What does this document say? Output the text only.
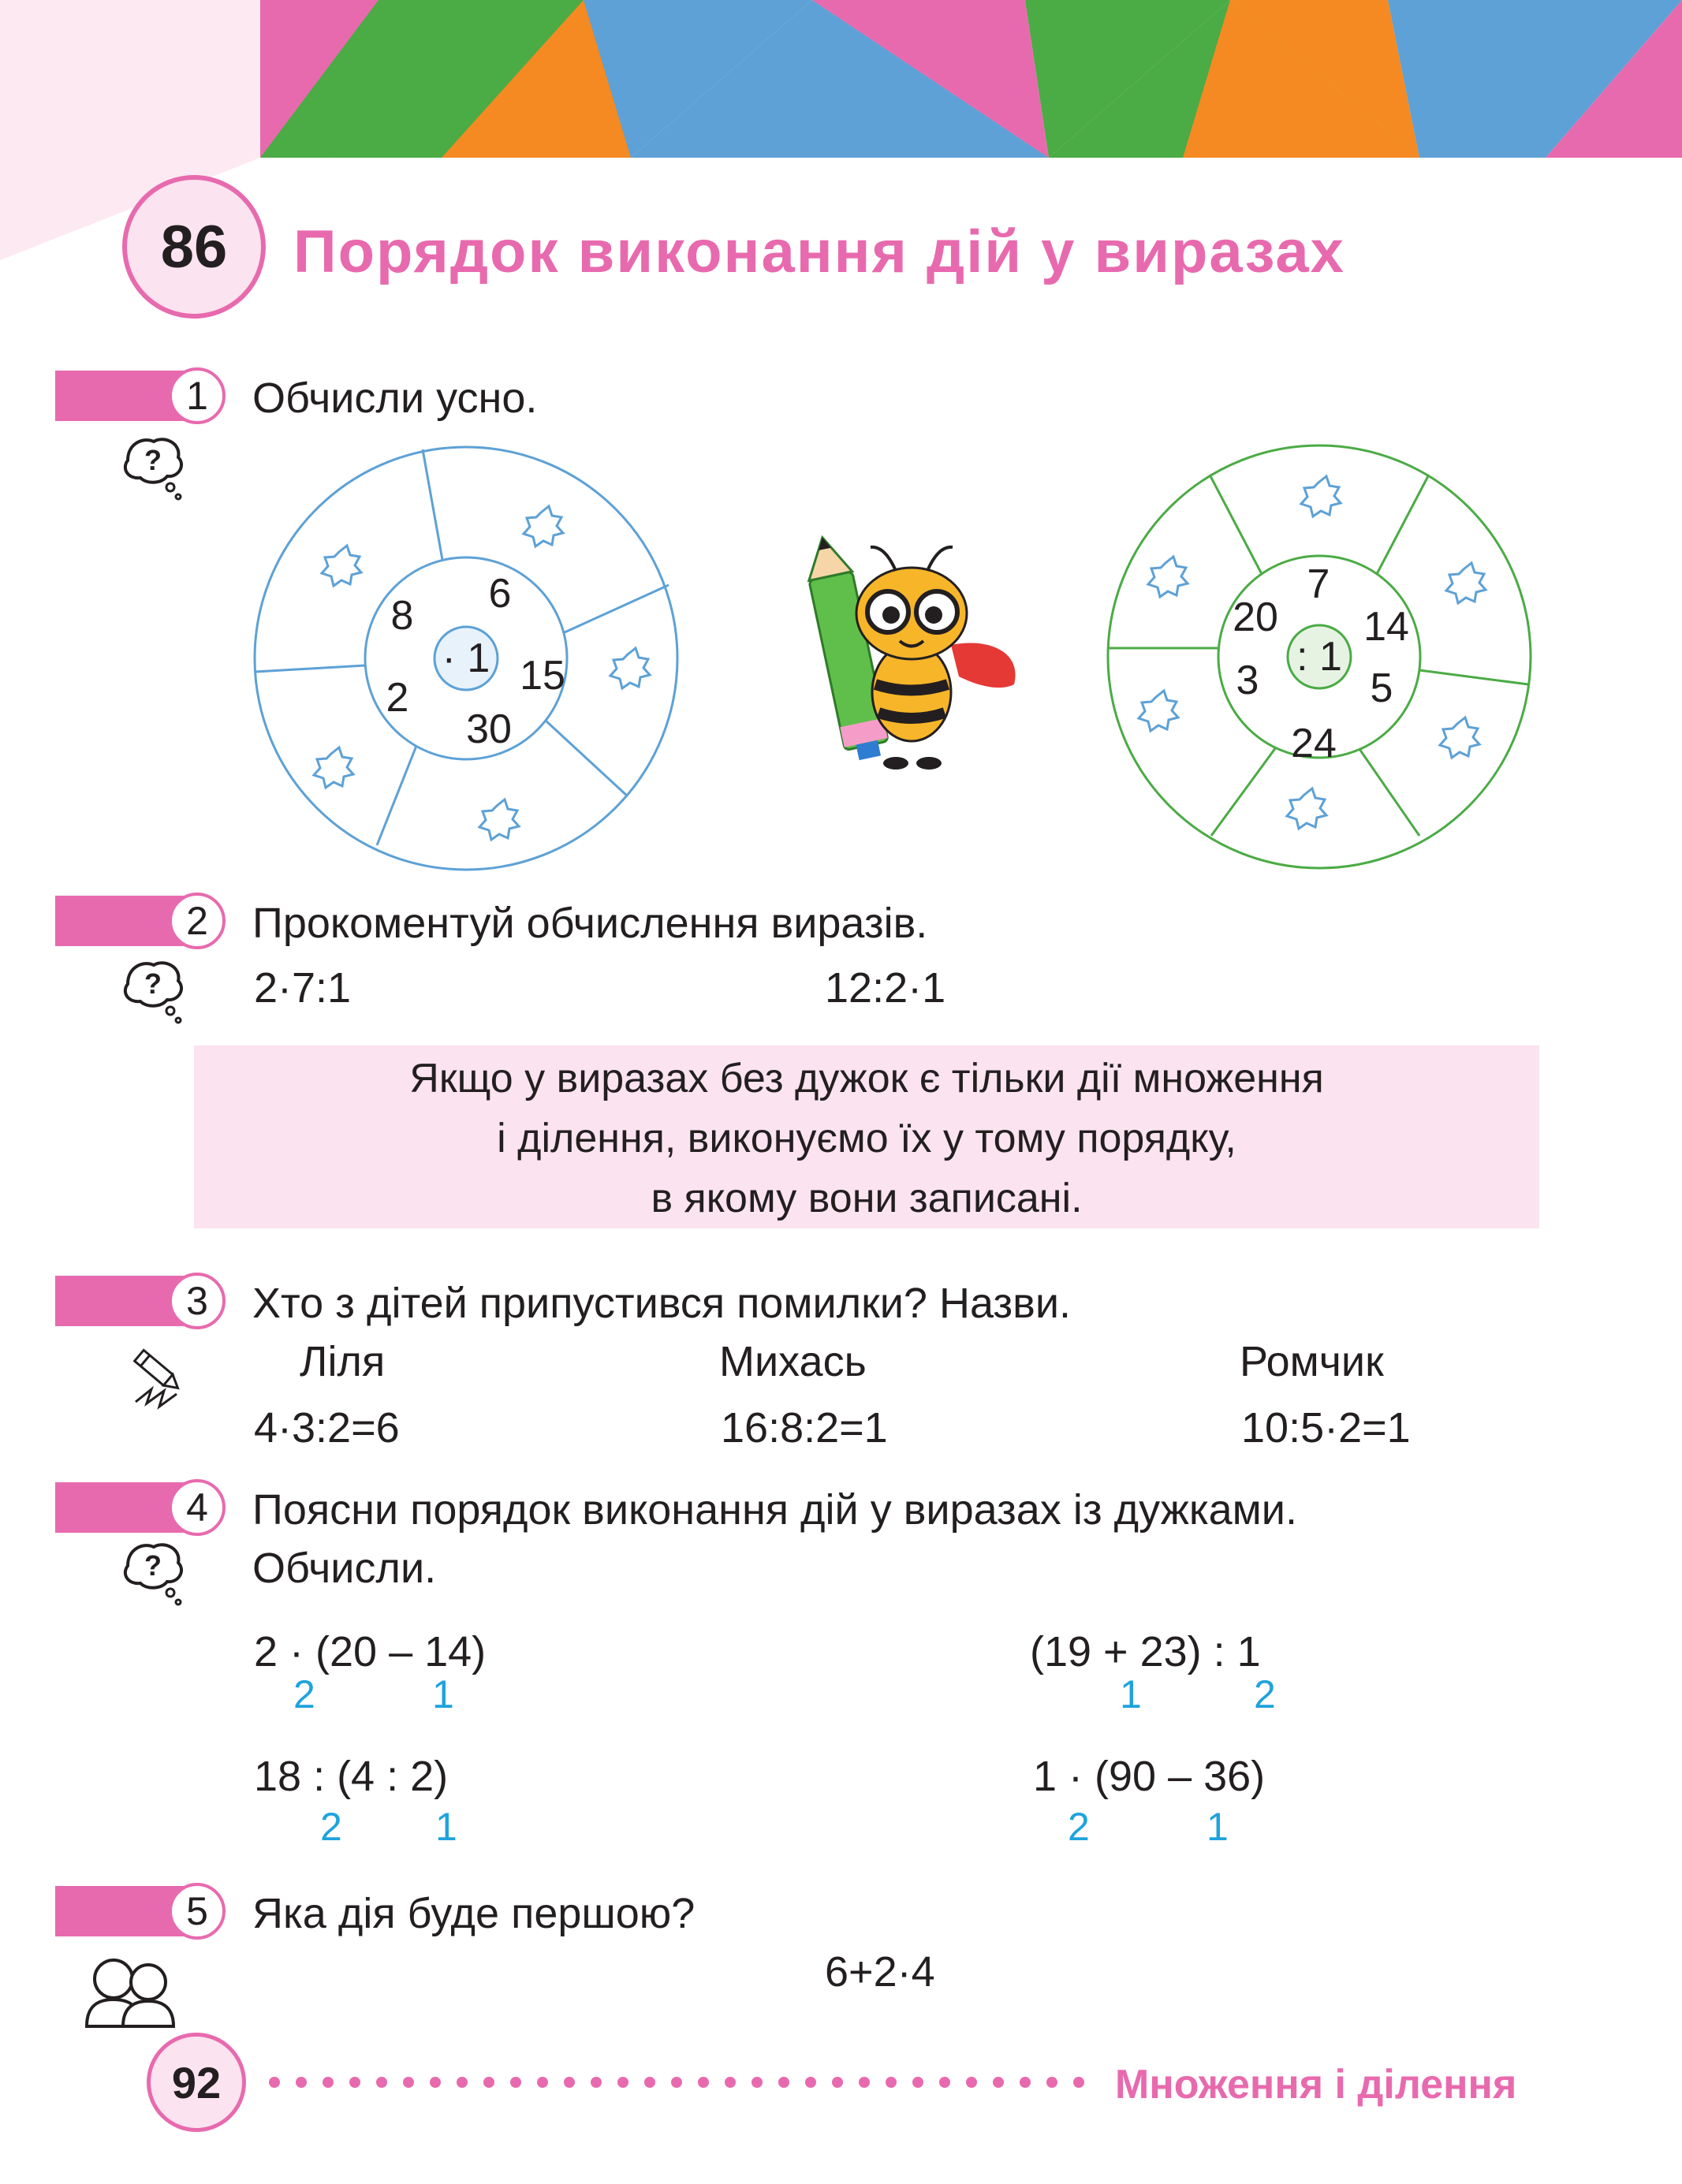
86 Порядок виконання дій у виразах
1 Обчисли усно.
?
· 1
6
15
30
2
8
: 1
7
14
5
24
3
20
2 Прокоментуй обчислення виразів.
? 2·7:1	12:2·1
Якщо у виразах без дужок є тільки дії множення
і ділення, виконуємо їх у тому порядку,
в якому вони записані.
3 Хто з дітей припустився помилки? Назви.
Ліля	Михась	Ромчик
4·3:2=6	16:8:2=1	10:5·2=1
4 Поясни порядок виконання дій у виразах із дужками.
Обчисли.
?
2 · (20 – 14)
2	1
(19 + 23) : 1
1	2
18 : (4 : 2)
2 1
1 · (90 – 36)
2	1
5 Яка дія буде першою?
6+2·4
92	Множення і ділення
